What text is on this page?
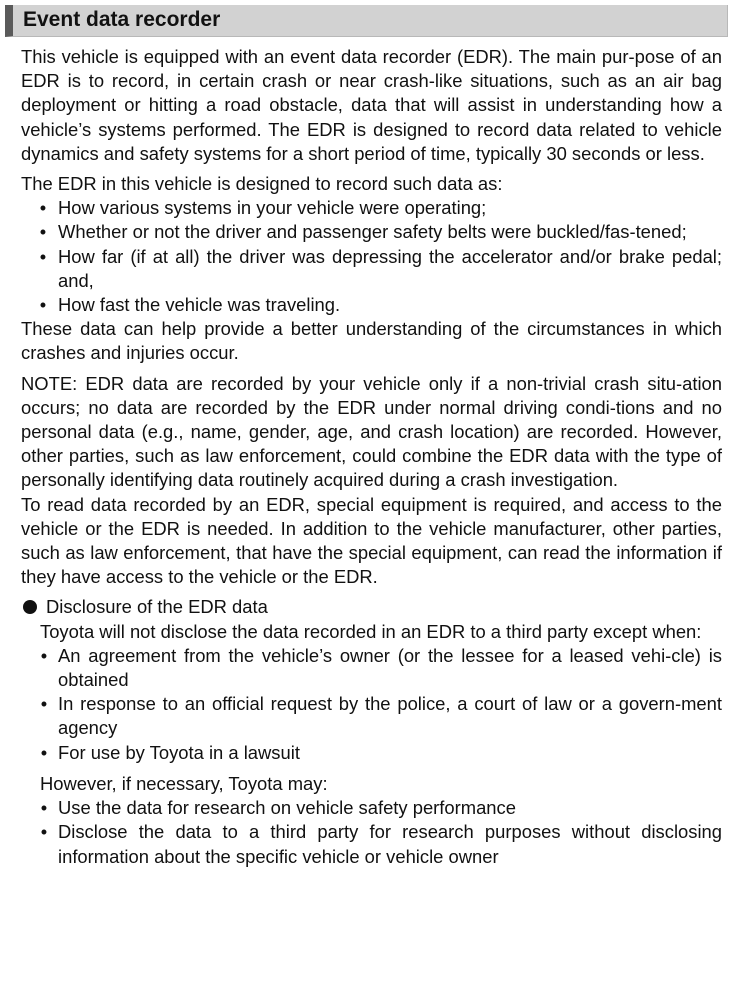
Event data recorder

This vehicle is equipped with an event data recorder (EDR). The main pur-pose of an EDR is to record, in certain crash or near crash-like situations, such as an air bag deployment or hitting a road obstacle, data that will assist in understanding how a vehicle’s systems performed. The EDR is designed to record data related to vehicle dynamics and safety systems for a short period of time, typically 30 seconds or less.

The EDR in this vehicle is designed to record such data as:

• How various systems in your vehicle were operating;
• Whether or not the driver and passenger safety belts were buckled/fas-tened;
• How far (if at all) the driver was depressing the accelerator and/or brake pedal; and,
• How fast the vehicle was traveling.

These data can help provide a better understanding of the circumstances in which crashes and injuries occur.

NOTE: EDR data are recorded by your vehicle only if a non-trivial crash situ-ation occurs; no data are recorded by the EDR under normal driving condi-tions and no personal data (e.g., name, gender, age, and crash location) are recorded. However, other parties, such as law enforcement, could combine the EDR data with the type of personally identifying data routinely acquired during a crash investigation.

To read data recorded by an EDR, special equipment is required, and access to the vehicle or the EDR is needed. In addition to the vehicle manufacturer, other parties, such as law enforcement, that have the special equipment, can read the information if they have access to the vehicle or the EDR.

Disclosure of the EDR data

Toyota will not disclose the data recorded in an EDR to a third party except when:

• An agreement from the vehicle’s owner (or the lessee for a leased vehi-cle) is obtained
• In response to an official request by the police, a court of law or a govern-ment agency
• For use by Toyota in a lawsuit

However, if necessary, Toyota may:

• Use the data for research on vehicle safety performance
• Disclose the data to a third party for research purposes without disclosing information about the specific vehicle or vehicle owner
